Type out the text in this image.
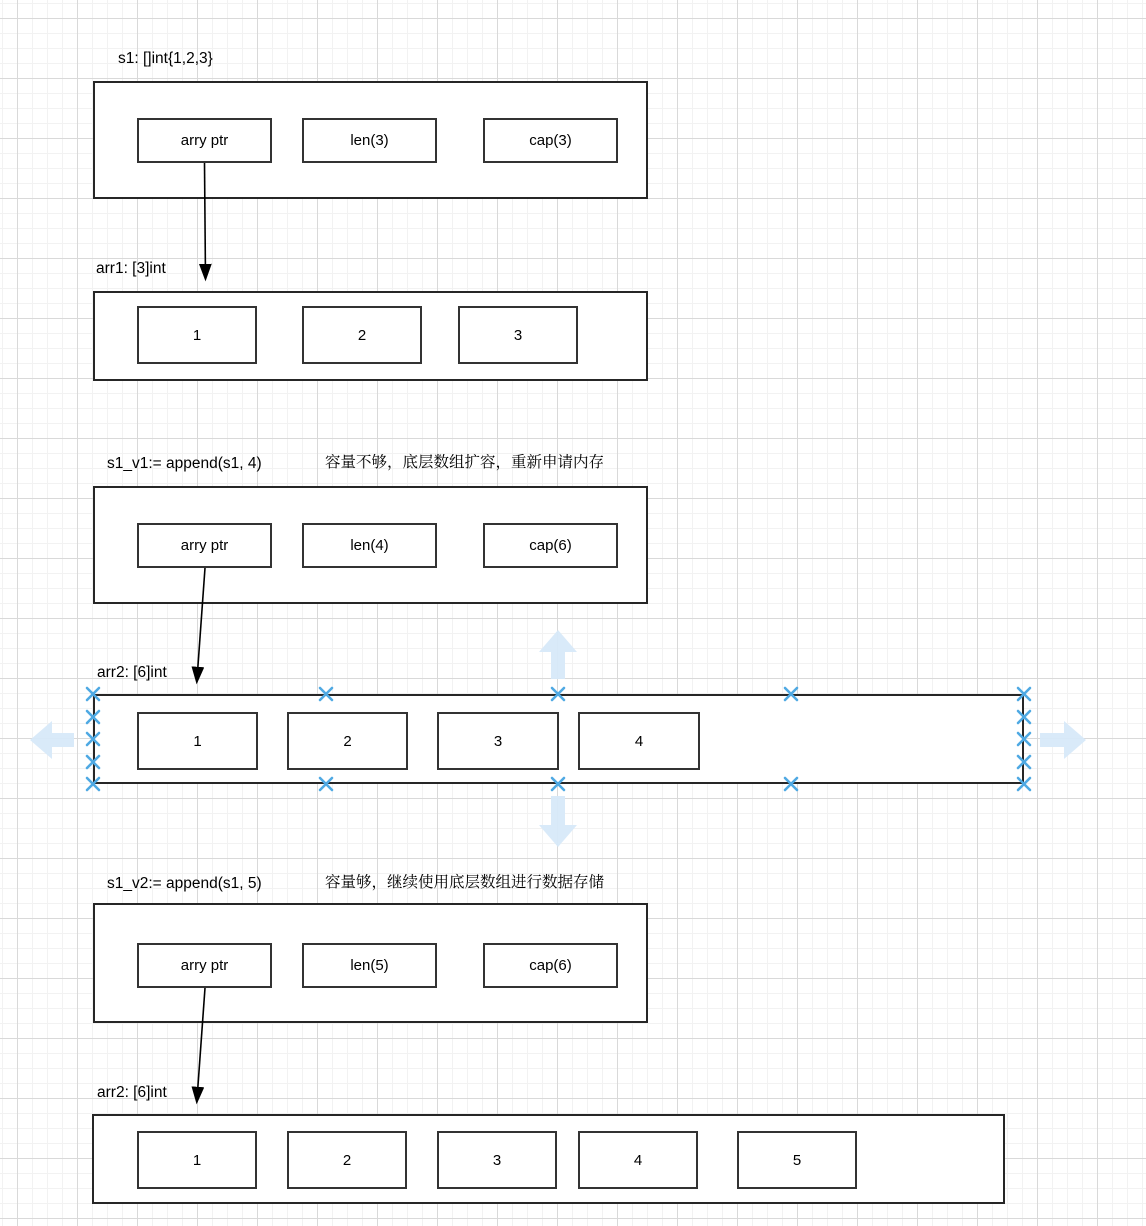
s1: []int{1,2,3}
arry ptr	len(3)	cap(3)
arr1: [3]int
1	2	3
s1_v1:= append(s1, 4)	容量不够，底层数组扩容，重新申请内存
arry ptr	len(4)	cap(6)
arr2: [6]int
1	2	3	4
s1_v2:= append(s1, 5)	容量够，继续使用底层数组进行数据存储
arry ptr	len(5)	cap(6)
arr2: [6]int
1	2	3	4	5
